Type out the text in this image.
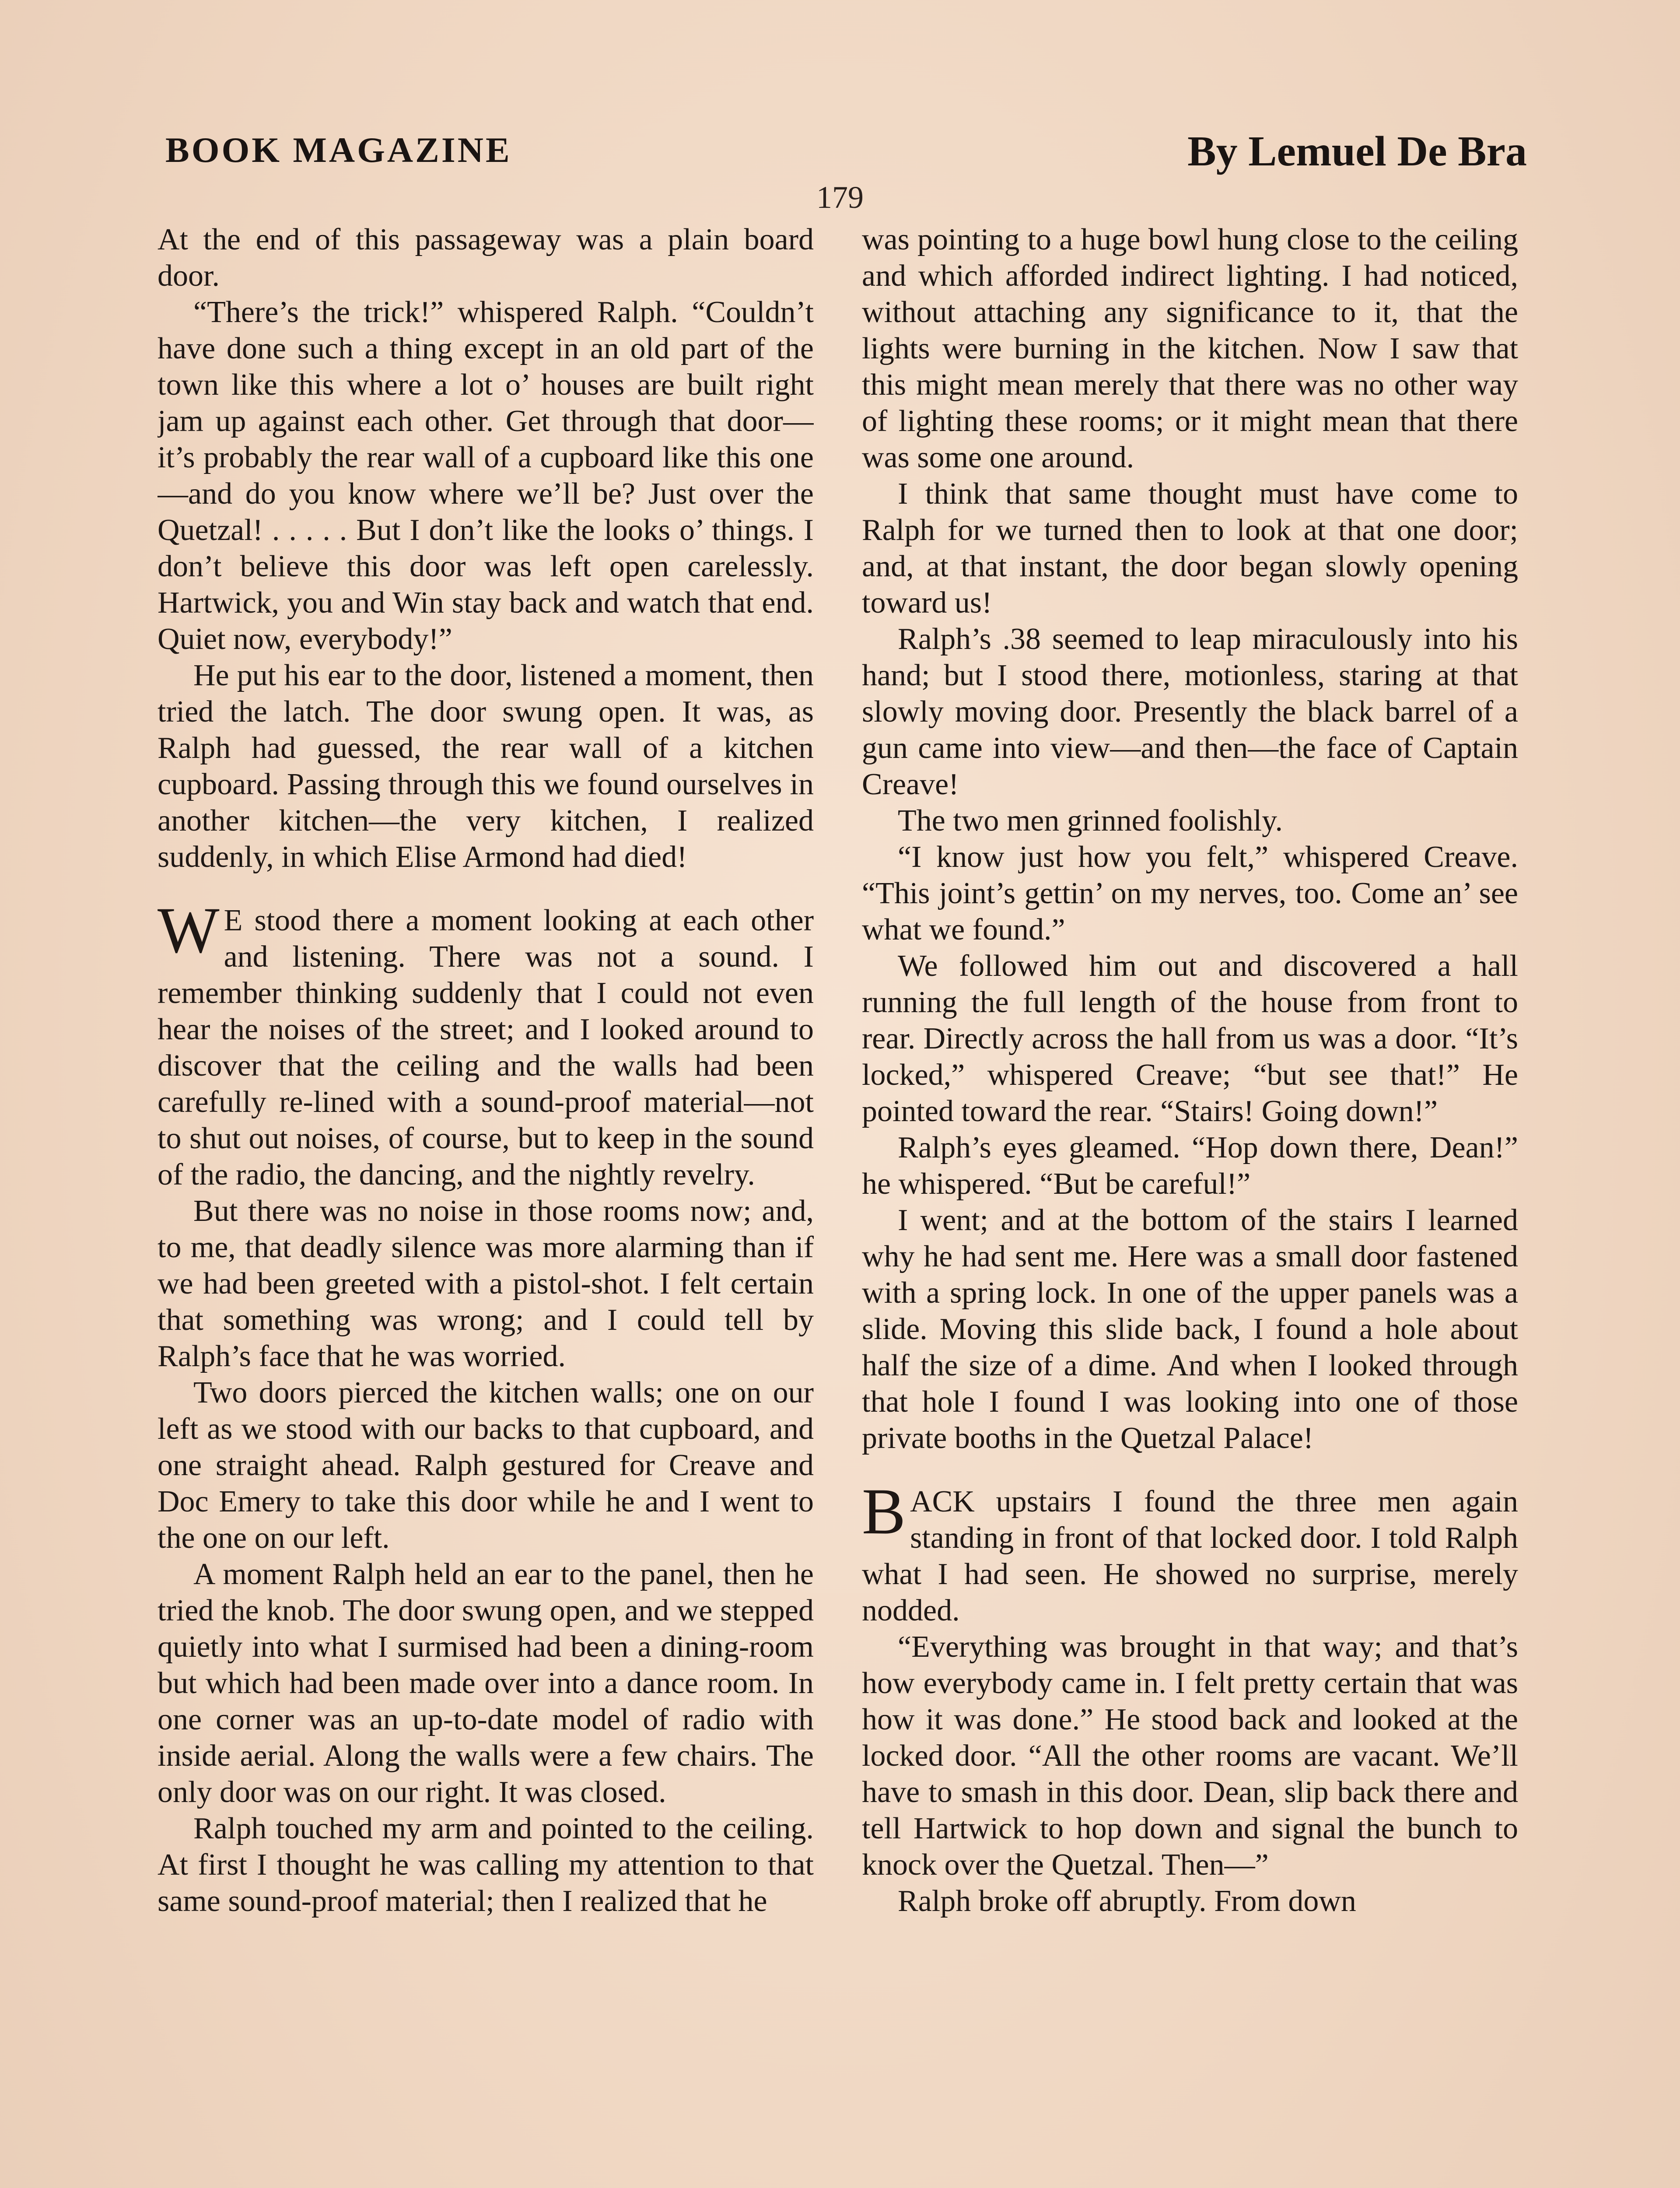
BOOK MAGAZINE	By Lemuel De Bra
179

At the end of this passageway was a plain board door.

“There’s the trick!” whispered Ralph. “Couldn’t have done such a thing except in an old part of the town like this where a lot o’ houses are built right jam up against each other. Get through that door—it’s probably the rear wall of a cupboard like this one—and do you know where we’ll be? Just over the Quetzal! . . . . . But I don’t like the looks o’ things. I don’t believe this door was left open carelessly. Hartwick, you and Win stay back and watch that end. Quiet now, everybody!”

He put his ear to the door, listened a moment, then tried the latch. The door swung open. It was, as Ralph had guessed, the rear wall of a kitchen cupboard. Passing through this we found ourselves in another kitchen—the very kitchen, I realized suddenly, in which Elise Armond had died!

W E stood there a moment looking at each other and listening. There was not a sound. I remember thinking suddenly that I could not even hear the noises of the street; and I looked around to discover that the ceiling and the walls had been carefully re-lined with a sound-proof material—not to shut out noises, of course, but to keep in the sound of the radio, the dancing, and the nightly revelry.

But there was no noise in those rooms now; and, to me, that deadly silence was more alarming than if we had been greeted with a pistol-shot. I felt certain that something was wrong; and I could tell by Ralph’s face that he was worried.

Two doors pierced the kitchen walls; one on our left as we stood with our backs to that cupboard, and one straight ahead. Ralph gestured for Creave and Doc Emery to take this door while he and I went to the one on our left.

A moment Ralph held an ear to the panel, then he tried the knob. The door swung open, and we stepped quietly into what I surmised had been a dining-room but which had been made over into a dance room. In one corner was an up-to-date model of radio with inside aerial. Along the walls were a few chairs. The only door was on our right. It was closed.

Ralph touched my arm and pointed to the ceiling. At first I thought he was calling my attention to that same sound-proof material; then I realized that he

was pointing to a huge bowl hung close to the ceiling and which afforded indirect lighting. I had noticed, without attaching any significance to it, that the lights were burning in the kitchen. Now I saw that this might mean merely that there was no other way of lighting these rooms; or it might mean that there was some one around.

I think that same thought must have come to Ralph for we turned then to look at that one door; and, at that instant, the door began slowly opening toward us!

Ralph’s .38 seemed to leap miraculously into his hand; but I stood there, motionless, staring at that slowly moving door. Presently the black barrel of a gun came into view—and then—the face of Captain Creave!

The two men grinned foolishly.

“I know just how you felt,” whispered Creave. “This joint’s gettin’ on my nerves, too. Come an’ see what we found.”

We followed him out and discovered a hall running the full length of the house from front to rear. Directly across the hall from us was a door. “It’s locked,” whispered Creave; “but see that!” He pointed toward the rear. “Stairs! Going down!”

Ralph’s eyes gleamed. “Hop down there, Dean!” he whispered. “But be careful!”

I went; and at the bottom of the stairs I learned why he had sent me. Here was a small door fastened with a spring lock. In one of the upper panels was a slide. Moving this slide back, I found a hole about half the size of a dime. And when I looked through that hole I found I was looking into one of those private booths in the Quetzal Palace!

BACK upstairs I found the three men again standing in front of that locked door. I told Ralph what I had seen. He showed no surprise, merely nodded.

“Everything was brought in that way; and that’s how everybody came in. I felt pretty certain that was how it was done.” He stood back and looked at the locked door. “All the other rooms are vacant. We’ll have to smash in this door. Dean, slip back there and tell Hartwick to hop down and signal the bunch to knock over the Quetzal. Then—”

Ralph broke off abruptly. From down
